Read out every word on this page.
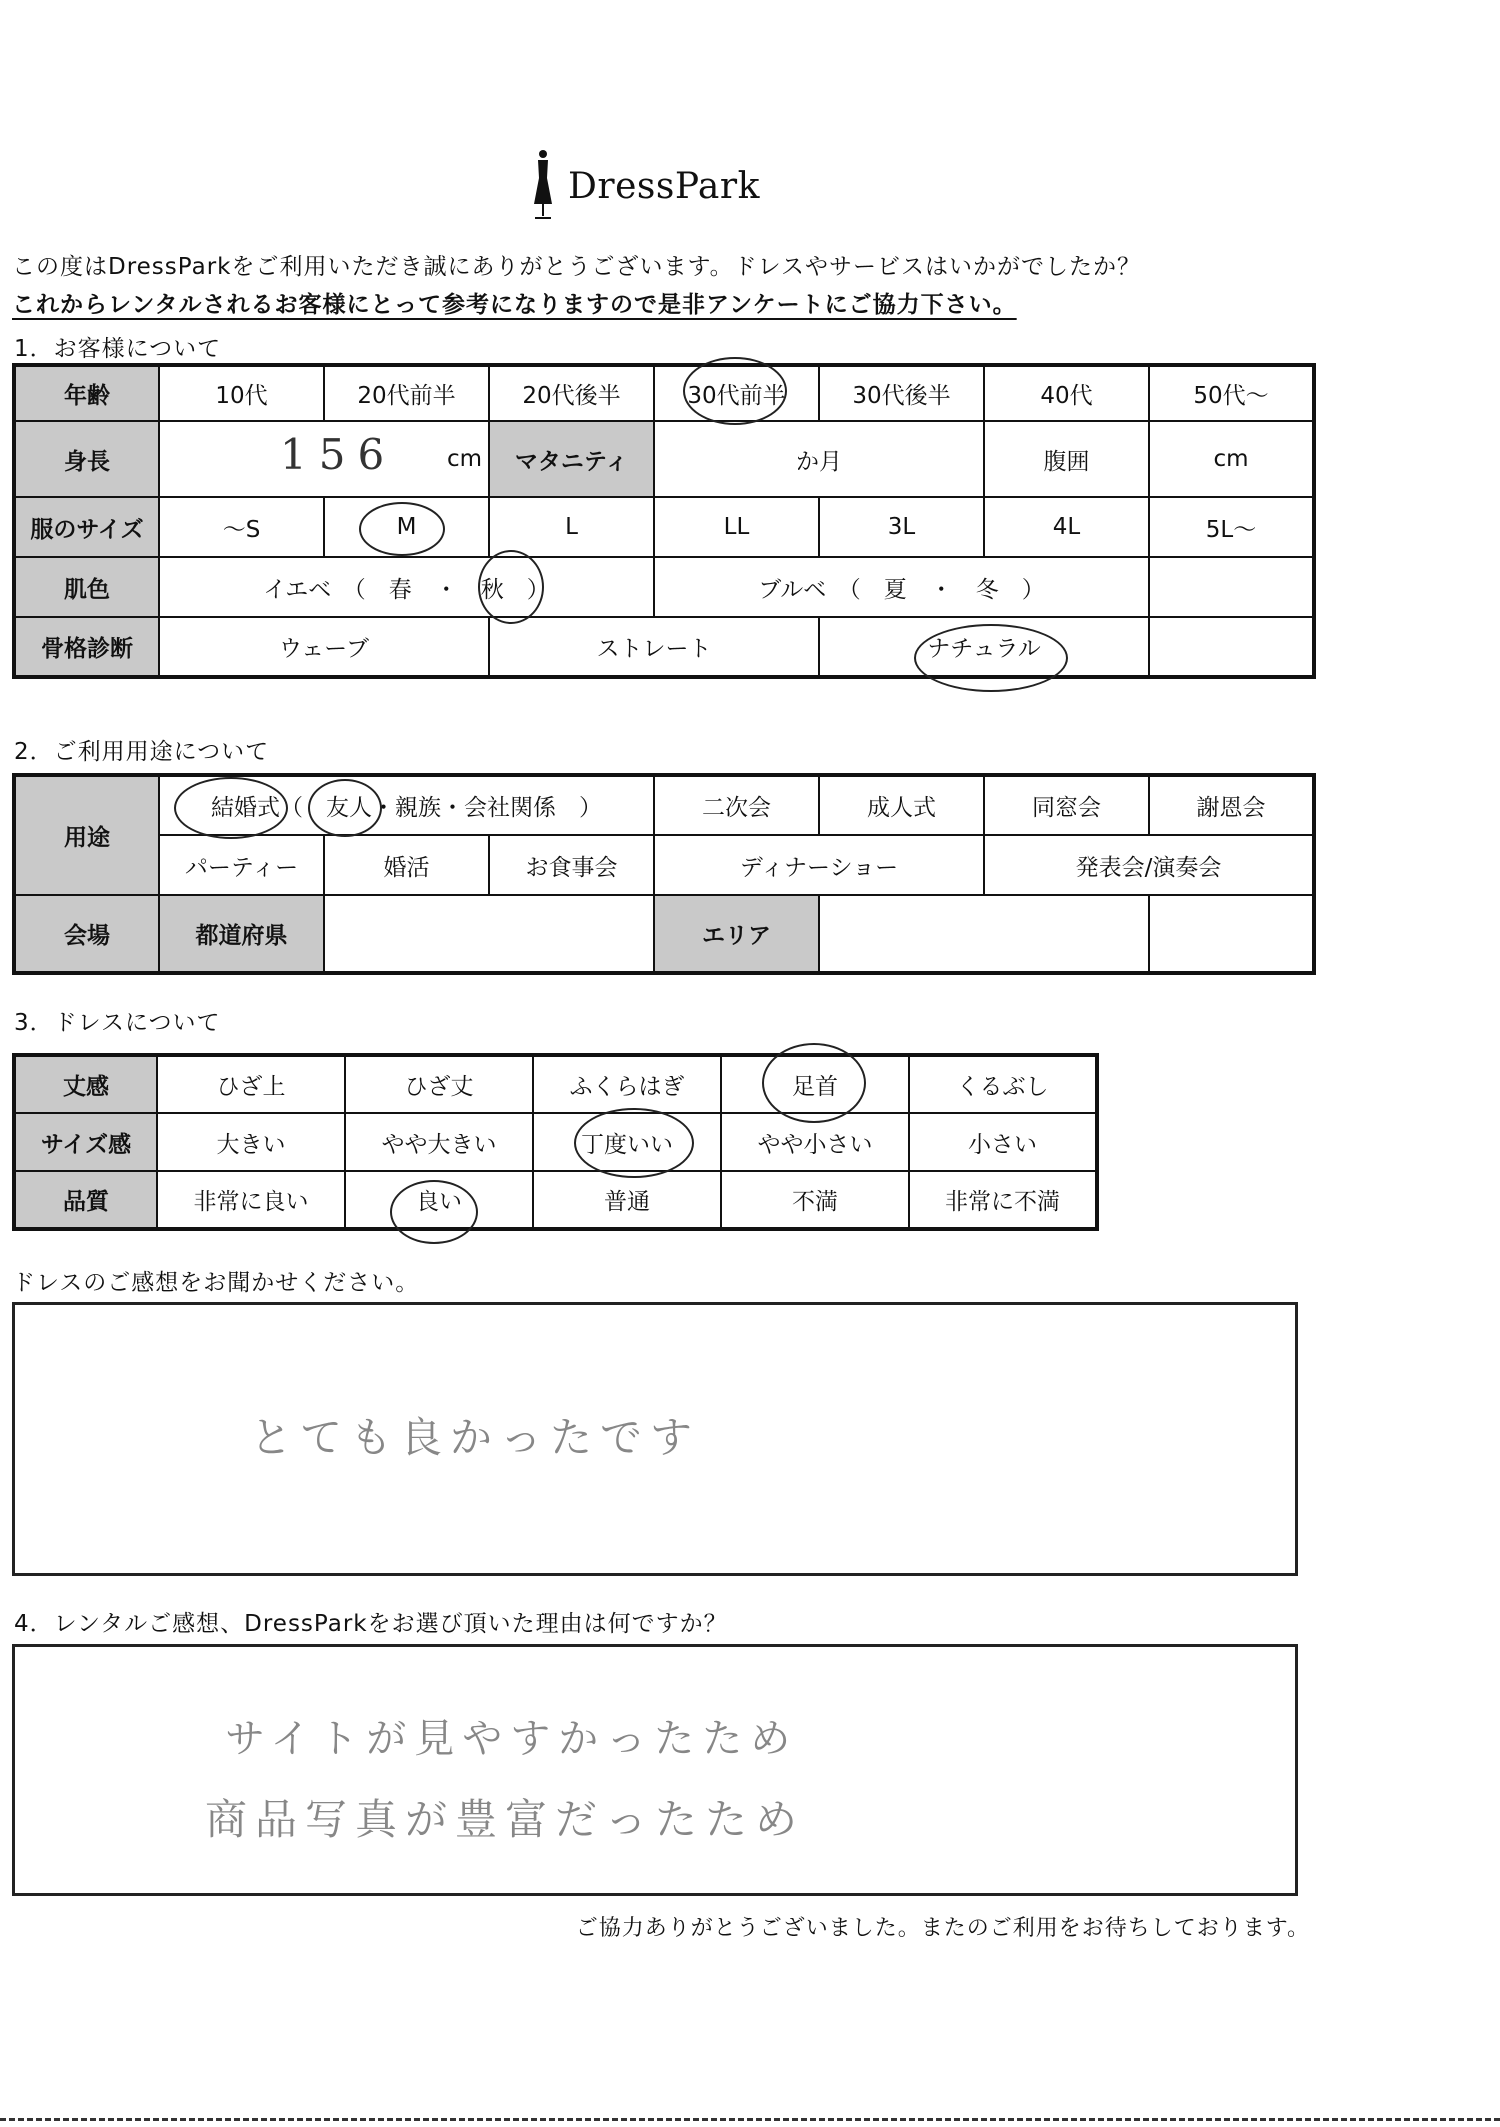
DressPark
この度はDressParkをご利用いただき誠にありがとうございます。ドレスやサービスはいかがでしたか？
これからレンタルされるお客様にとって参考になりますので是非アンケートにご協力下さい。
1．お客様について
年齢	10代	20代前半	20代後半	30代前半	30代後半	40代	50代～
身長	156 cm		マタニティ	か月		腹囲	cm
服のサイズ	～S	M	L	LL	3L	4L	5L～
肌色	イエベ　（　春　・　秋　）			ブルベ　（　夏　・　冬　）			
骨格診断	ウェーブ		ストレート		ナチュラル	

2．ご利用用途について
用途	結婚式（　友人・親族・会社関係　）			二次会	成人式	同窓会	謝恩会
	パーティー	婚活	お食事会	ディナーショー		発表会/演奏会	
会場	都道府県			エリア			
3．ドレスについて
丈感	ひざ上	ひざ丈	ふくらはぎ	足首	くるぶし
サイズ感	大きい	やや大きい	丁度いい	やや小さい	小さい
品質	非常に良い	良い	普通	不満	非常に不満
ドレスのご感想をお聞かせください。
とても良かったです
4．レンタルご感想、DressParkをお選び頂いた理由は何ですか？
サイトが見やすかったため
商品写真が豊富だったため
ご協力ありがとうございました。またのご利用をお待ちしております。
